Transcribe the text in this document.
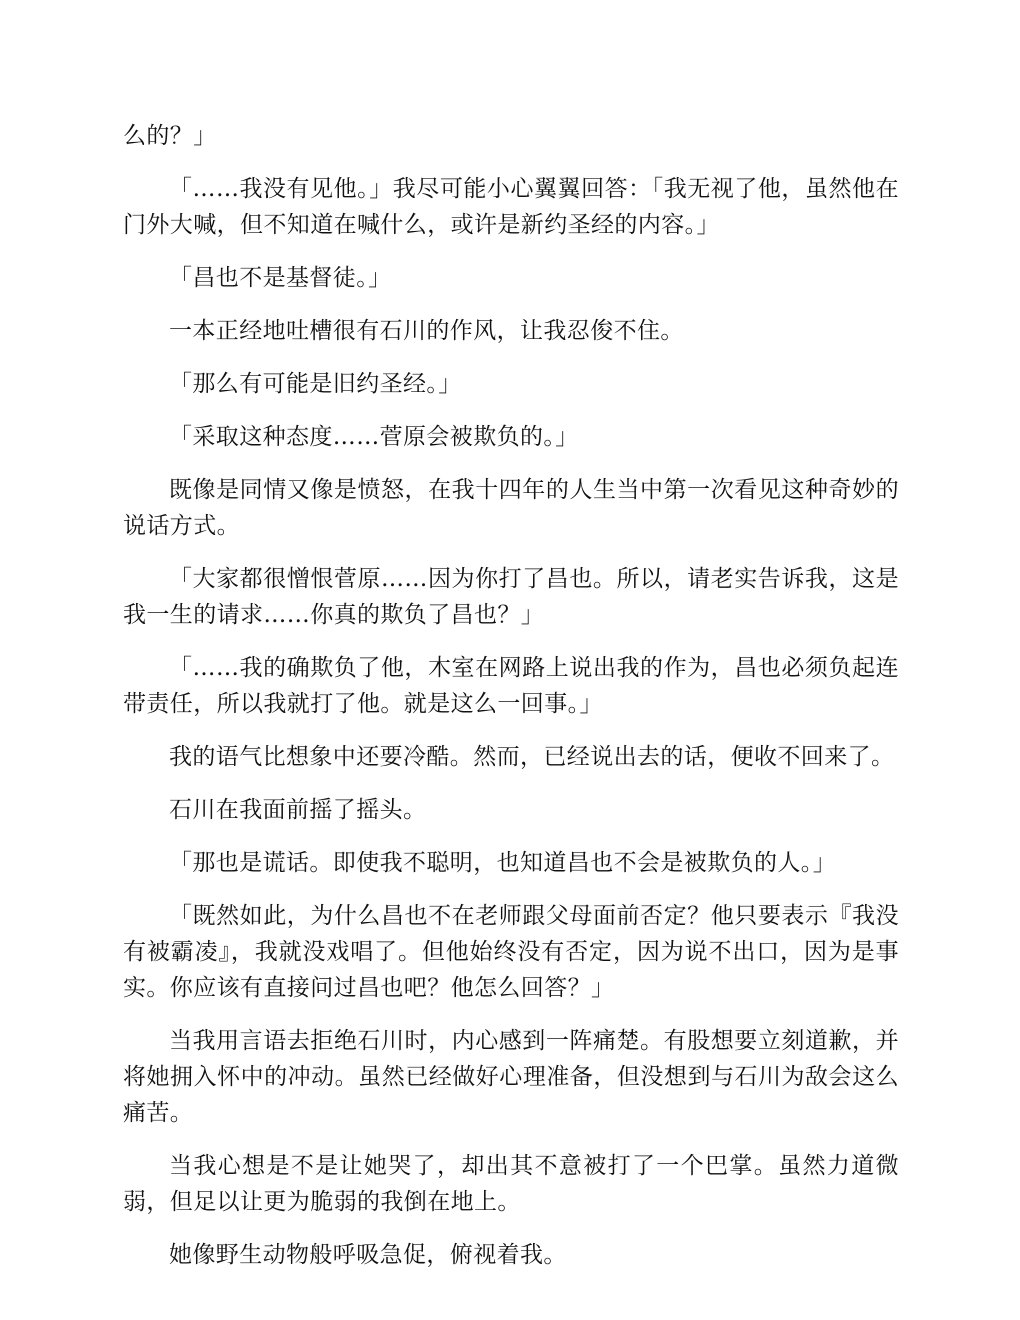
么的？」

「……我没有见他。」我尽可能小心翼翼回答：「我无视了他，虽然他在门外大喊，但不知道在喊什么，或许是新约圣经的内容。」

「昌也不是基督徒。」

一本正经地吐槽很有石川的作风，让我忍俊不住。

「那么有可能是旧约圣经。」

「采取这种态度……菅原会被欺负的。」

既像是同情又像是愤怒，在我十四年的人生当中第一次看见这种奇妙的说话方式。

「大家都很憎恨菅原……因为你打了昌也。所以，请老实告诉我，这是我一生的请求……你真的欺负了昌也？」

「……我的确欺负了他，木室在网路上说出我的作为，昌也必须负起连带责任，所以我就打了他。就是这么一回事。」

我的语气比想象中还要冷酷。然而，已经说出去的话，便收不回来了。

石川在我面前摇了摇头。

「那也是谎话。即使我不聪明，也知道昌也不会是被欺负的人。」

「既然如此，为什么昌也不在老师跟父母面前否定？他只要表示『我没有被霸凌』，我就没戏唱了。但他始终没有否定，因为说不出口，因为是事实。你应该有直接问过昌也吧？他怎么回答？」

当我用言语去拒绝石川时，内心感到一阵痛楚。有股想要立刻道歉，并将她拥入怀中的冲动。虽然已经做好心理准备，但没想到与石川为敌会这么痛苦。

当我心想是不是让她哭了，却出其不意被打了一个巴掌。虽然力道微弱，但足以让更为脆弱的我倒在地上。

她像野生动物般呼吸急促，俯视着我。
